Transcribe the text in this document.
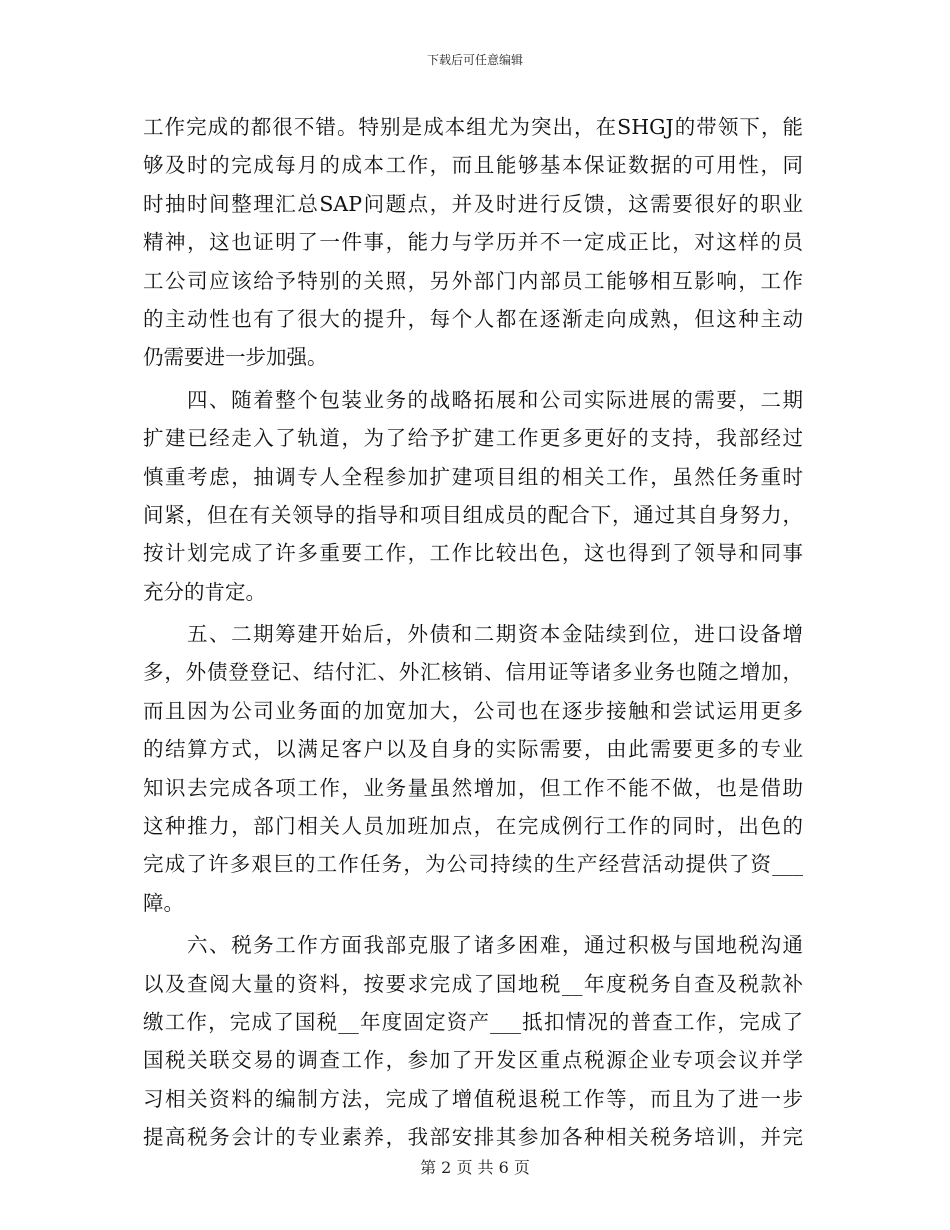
下载后可任意编辑
工作完成的都很不错。特别是成本组尤为突出，在SHGJ的带领下，能
够及时的完成每月的成本工作，而且能够基本保证数据的可用性，同
时抽时间整理汇总SAP问题点，并及时进行反馈，这需要很好的职业
精神，这也证明了一件事，能力与学历并不一定成正比，对这样的员
工公司应该给予特别的关照，另外部门内部员工能够相互影响，工作
的主动性也有了很大的提升，每个人都在逐渐走向成熟，但这种主动
仍需要进一步加强。
四、随着整个包装业务的战略拓展和公司实际进展的需要，二期
扩建已经走入了轨道，为了给予扩建工作更多更好的支持，我部经过
慎重考虑，抽调专人全程参加扩建项目组的相关工作，虽然任务重时
间紧，但在有关领导的指导和项目组成员的配合下，通过其自身努力，
按计划完成了许多重要工作，工作比较出色，这也得到了领导和同事
充分的肯定。
五、二期筹建开始后，外债和二期资本金陆续到位，进口设备增
多，外债登登记、结付汇、外汇核销、信用证等诸多业务也随之增加，
而且因为公司业务面的加宽加大，公司也在逐步接触和尝试运用更多
的结算方式，以满足客户以及自身的实际需要，由此需要更多的专业
知识去完成各项工作，业务量虽然增加，但工作不能不做，也是借助
这种推力，部门相关人员加班加点，在完成例行工作的同时，出色的
完成了许多艰巨的工作任务，为公司持续的生产经营活动提供了资___
障。
六、税务工作方面我部克服了诸多困难，通过积极与国地税沟通
以及查阅大量的资料，按要求完成了国地税__年度税务自查及税款补
缴工作，完成了国税__年度固定资产___抵扣情况的普查工作，完成了
国税关联交易的调查工作，参加了开发区重点税源企业专项会议并学
习相关资料的编制方法，完成了增值税退税工作等，而且为了进一步
提高税务会计的专业素养，我部安排其参加各种相关税务培训，并完
第 2 页 共 6 页
